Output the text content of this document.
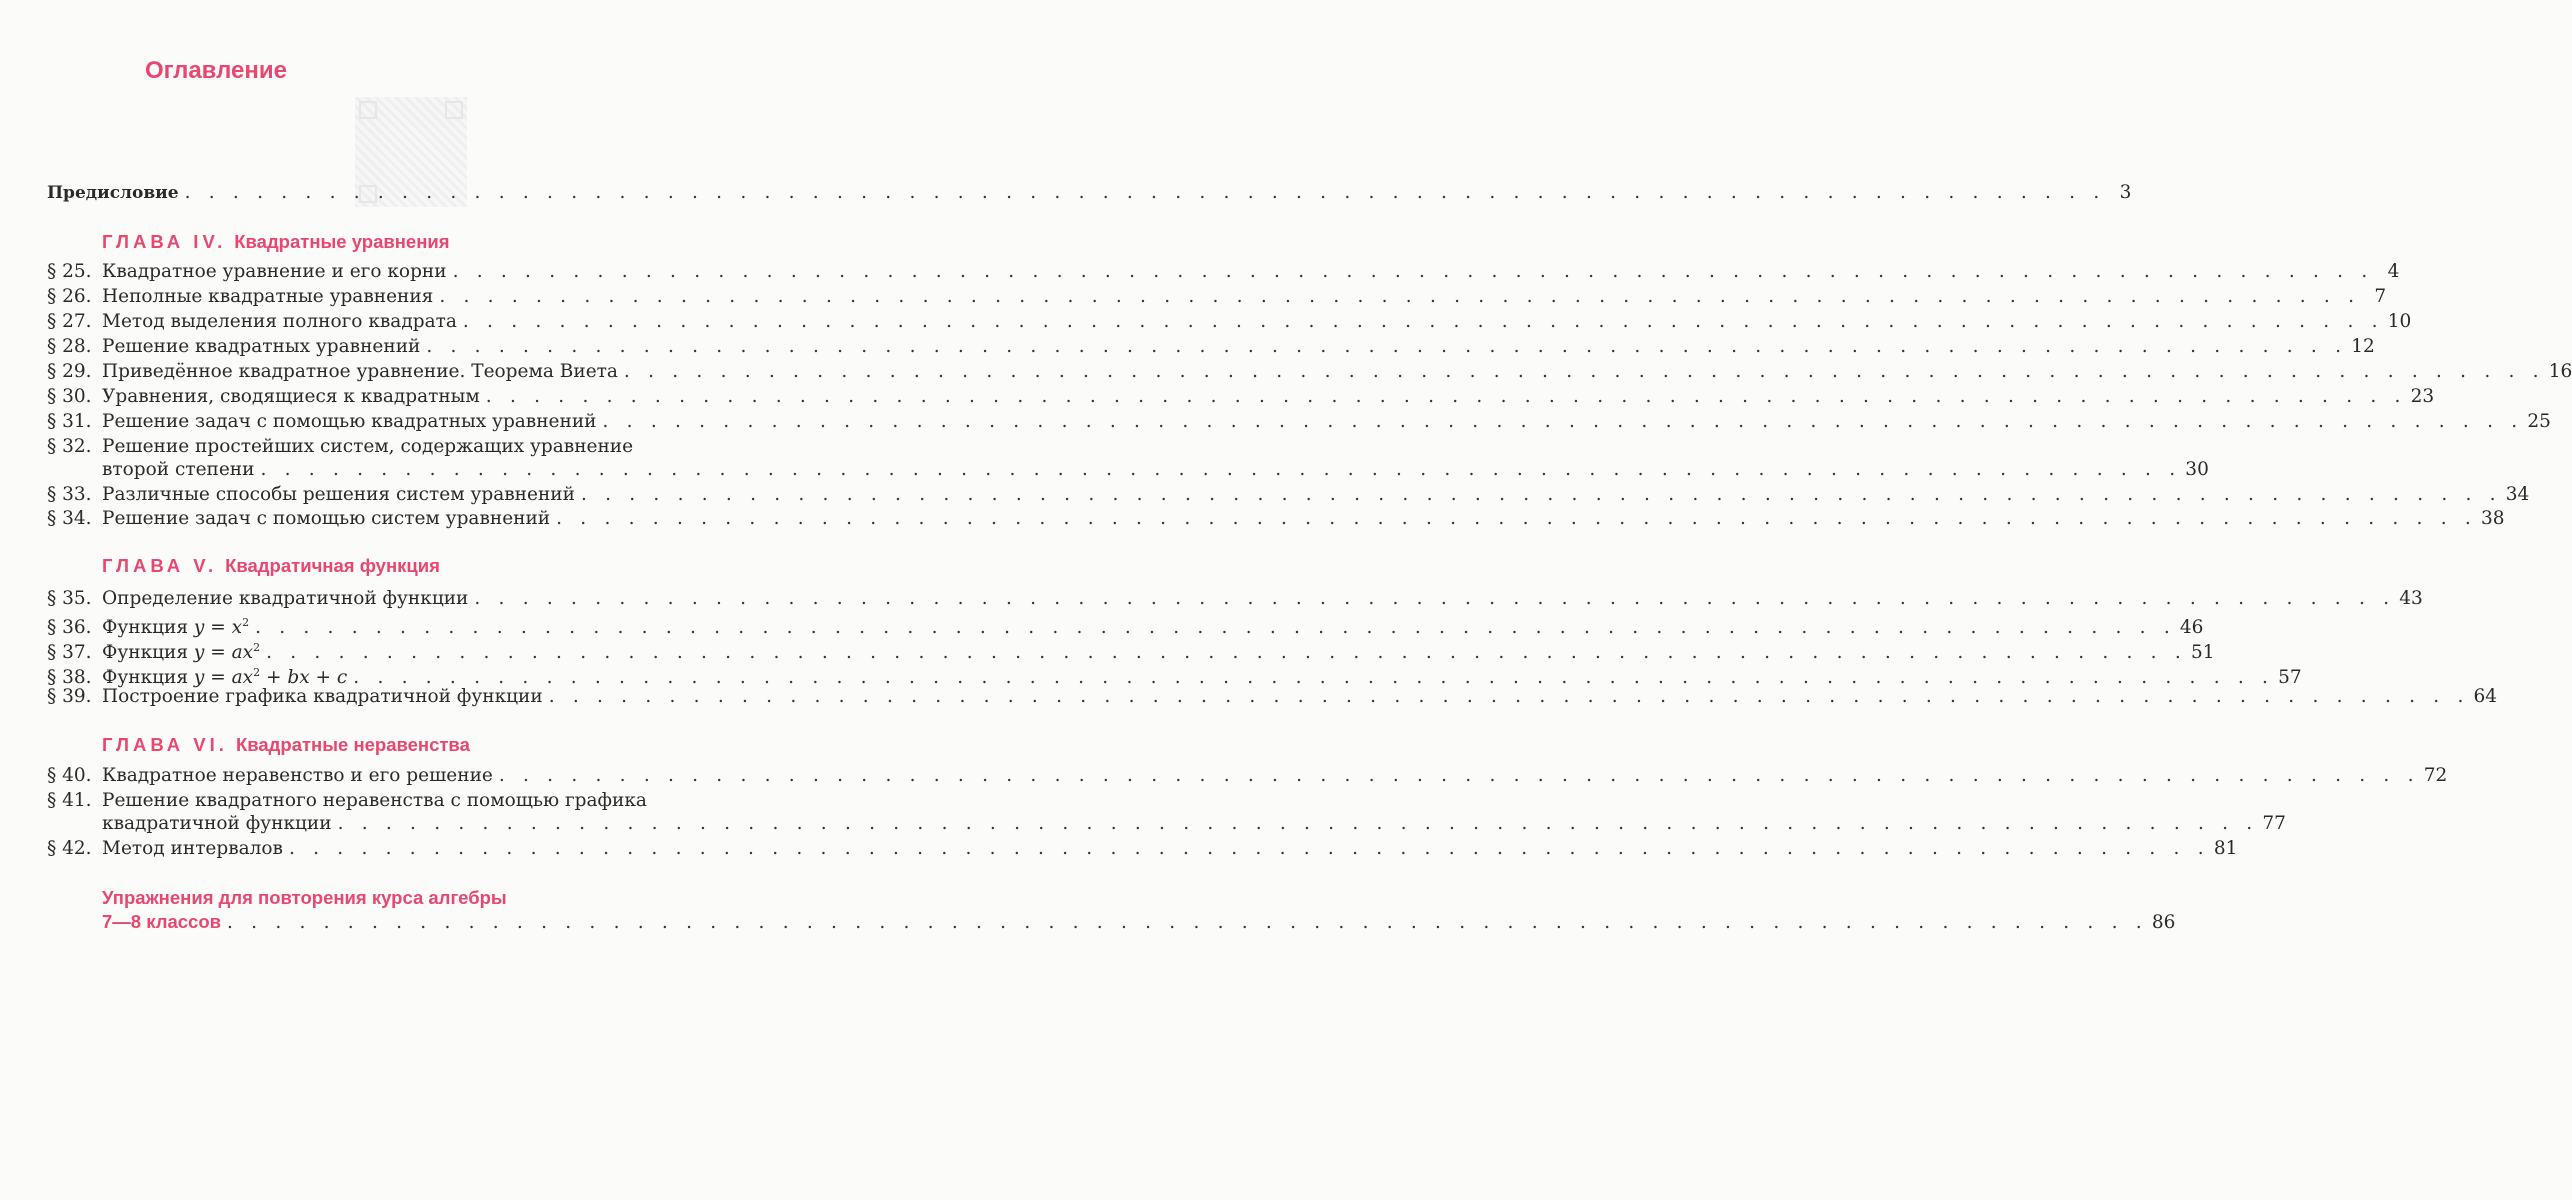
Оглавление
Предисловие . . . . . . . . . . . . . . . . . . . . . . . . . . . . . . . . . . . . . . . . . . . . . . . . . . . . . . . . . . . . . . . . . . . . . . . . . . . . . . . . 3
ГЛАВА IV. Квадратные уравнения
§ 25. Квадратное уравнение и его корни . . . . . . . . . . . . . . . . . . . . . . . . . . . . . . . . . . . . . . . . . . . . . . . . . . . . . . . . . . . . . . . . . . . . . . . . . . . . . . . . 4
§ 26. Неполные квадратные уравнения . . . . . . . . . . . . . . . . . . . . . . . . . . . . . . . . . . . . . . . . . . . . . . . . . . . . . . . . . . . . . . . . . . . . . . . . . . . . . . . . 7
§ 27. Метод выделения полного квадрата . . . . . . . . . . . . . . . . . . . . . . . . . . . . . . . . . . . . . . . . . . . . . . . . . . . . . . . . . . . . . . . . . . . . . . . . . . . . . . . . 10
§ 28. Решение квадратных уравнений . . . . . . . . . . . . . . . . . . . . . . . . . . . . . . . . . . . . . . . . . . . . . . . . . . . . . . . . . . . . . . . . . . . . . . . . . . . . . . . . 12
§ 29. Приведённое квадратное уравнение. Теорема Виета . . . . . . . . . . . . . . . . . . . . . . . . . . . . . . . . . . . . . . . . . . . . . . . . . . . . . . . . . . . . . . . . . . . . . . . . . . . . . . . . 16
§ 30. Уравнения, сводящиеся к квадратным . . . . . . . . . . . . . . . . . . . . . . . . . . . . . . . . . . . . . . . . . . . . . . . . . . . . . . . . . . . . . . . . . . . . . . . . . . . . . . . . 23
§ 31. Решение задач с помощью квадратных уравнений . . . . . . . . . . . . . . . . . . . . . . . . . . . . . . . . . . . . . . . . . . . . . . . . . . . . . . . . . . . . . . . . . . . . . . . . . . . . . . . . 25
§ 32. Решение простейших систем, содержащих уравнение
второй степени . . . . . . . . . . . . . . . . . . . . . . . . . . . . . . . . . . . . . . . . . . . . . . . . . . . . . . . . . . . . . . . . . . . . . . . . . . . . . . . . 30
§ 33. Различные способы решения систем уравнений . . . . . . . . . . . . . . . . . . . . . . . . . . . . . . . . . . . . . . . . . . . . . . . . . . . . . . . . . . . . . . . . . . . . . . . . . . . . . . . . 34
§ 34. Решение задач с помощью систем уравнений . . . . . . . . . . . . . . . . . . . . . . . . . . . . . . . . . . . . . . . . . . . . . . . . . . . . . . . . . . . . . . . . . . . . . . . . . . . . . . . . 38
ГЛАВА V. Квадратичная функция
§ 35. Определение квадратичной функции . . . . . . . . . . . . . . . . . . . . . . . . . . . . . . . . . . . . . . . . . . . . . . . . . . . . . . . . . . . . . . . . . . . . . . . . . . . . . . . . 43
§ 36. Функция $y = x^2$ . . . . . . . . . . . . . . . . . . . . . . . . . . . . . . . . . . . . . . . . . . . . . . . . . . . . . . . . . . . . . . . . . . . . . . . . . . . . . . . . 46
§ 37. Функция $y = ax^2$ . . . . . . . . . . . . . . . . . . . . . . . . . . . . . . . . . . . . . . . . . . . . . . . . . . . . . . . . . . . . . . . . . . . . . . . . . . . . . . . . 51
§ 38. Функция $y = ax^2$ + bx + c . . . . . . . . . . . . . . . . . . . . . . . . . . . . . . . . . . . . . . . . . . . . . . . . . . . . . . . . . . . . . . . . . . . . . . . . . . . . . . . . 57
§ 39. Построение графика квадратичной функции . . . . . . . . . . . . . . . . . . . . . . . . . . . . . . . . . . . . . . . . . . . . . . . . . . . . . . . . . . . . . . . . . . . . . . . . . . . . . . . . 64
ГЛАВА VI. Квадратные неравенства
§ 40. Квадратное неравенство и его решение . . . . . . . . . . . . . . . . . . . . . . . . . . . . . . . . . . . . . . . . . . . . . . . . . . . . . . . . . . . . . . . . . . . . . . . . . . . . . . . . 72
§ 41. Решение квадратного неравенства с помощью графика
квадратичной функции . . . . . . . . . . . . . . . . . . . . . . . . . . . . . . . . . . . . . . . . . . . . . . . . . . . . . . . . . . . . . . . . . . . . . . . . . . . . . . . . 77
§ 42. Метод интервалов . . . . . . . . . . . . . . . . . . . . . . . . . . . . . . . . . . . . . . . . . . . . . . . . . . . . . . . . . . . . . . . . . . . . . . . . . . . . . . . . 81
Упражнения для повторения курса алгебры
7—8 классов . . . . . . . . . . . . . . . . . . . . . . . . . . . . . . . . . . . . . . . . . . . . . . . . . . . . . . . . . . . . . . . . . . . . . . . . . . . . . . . . 86
